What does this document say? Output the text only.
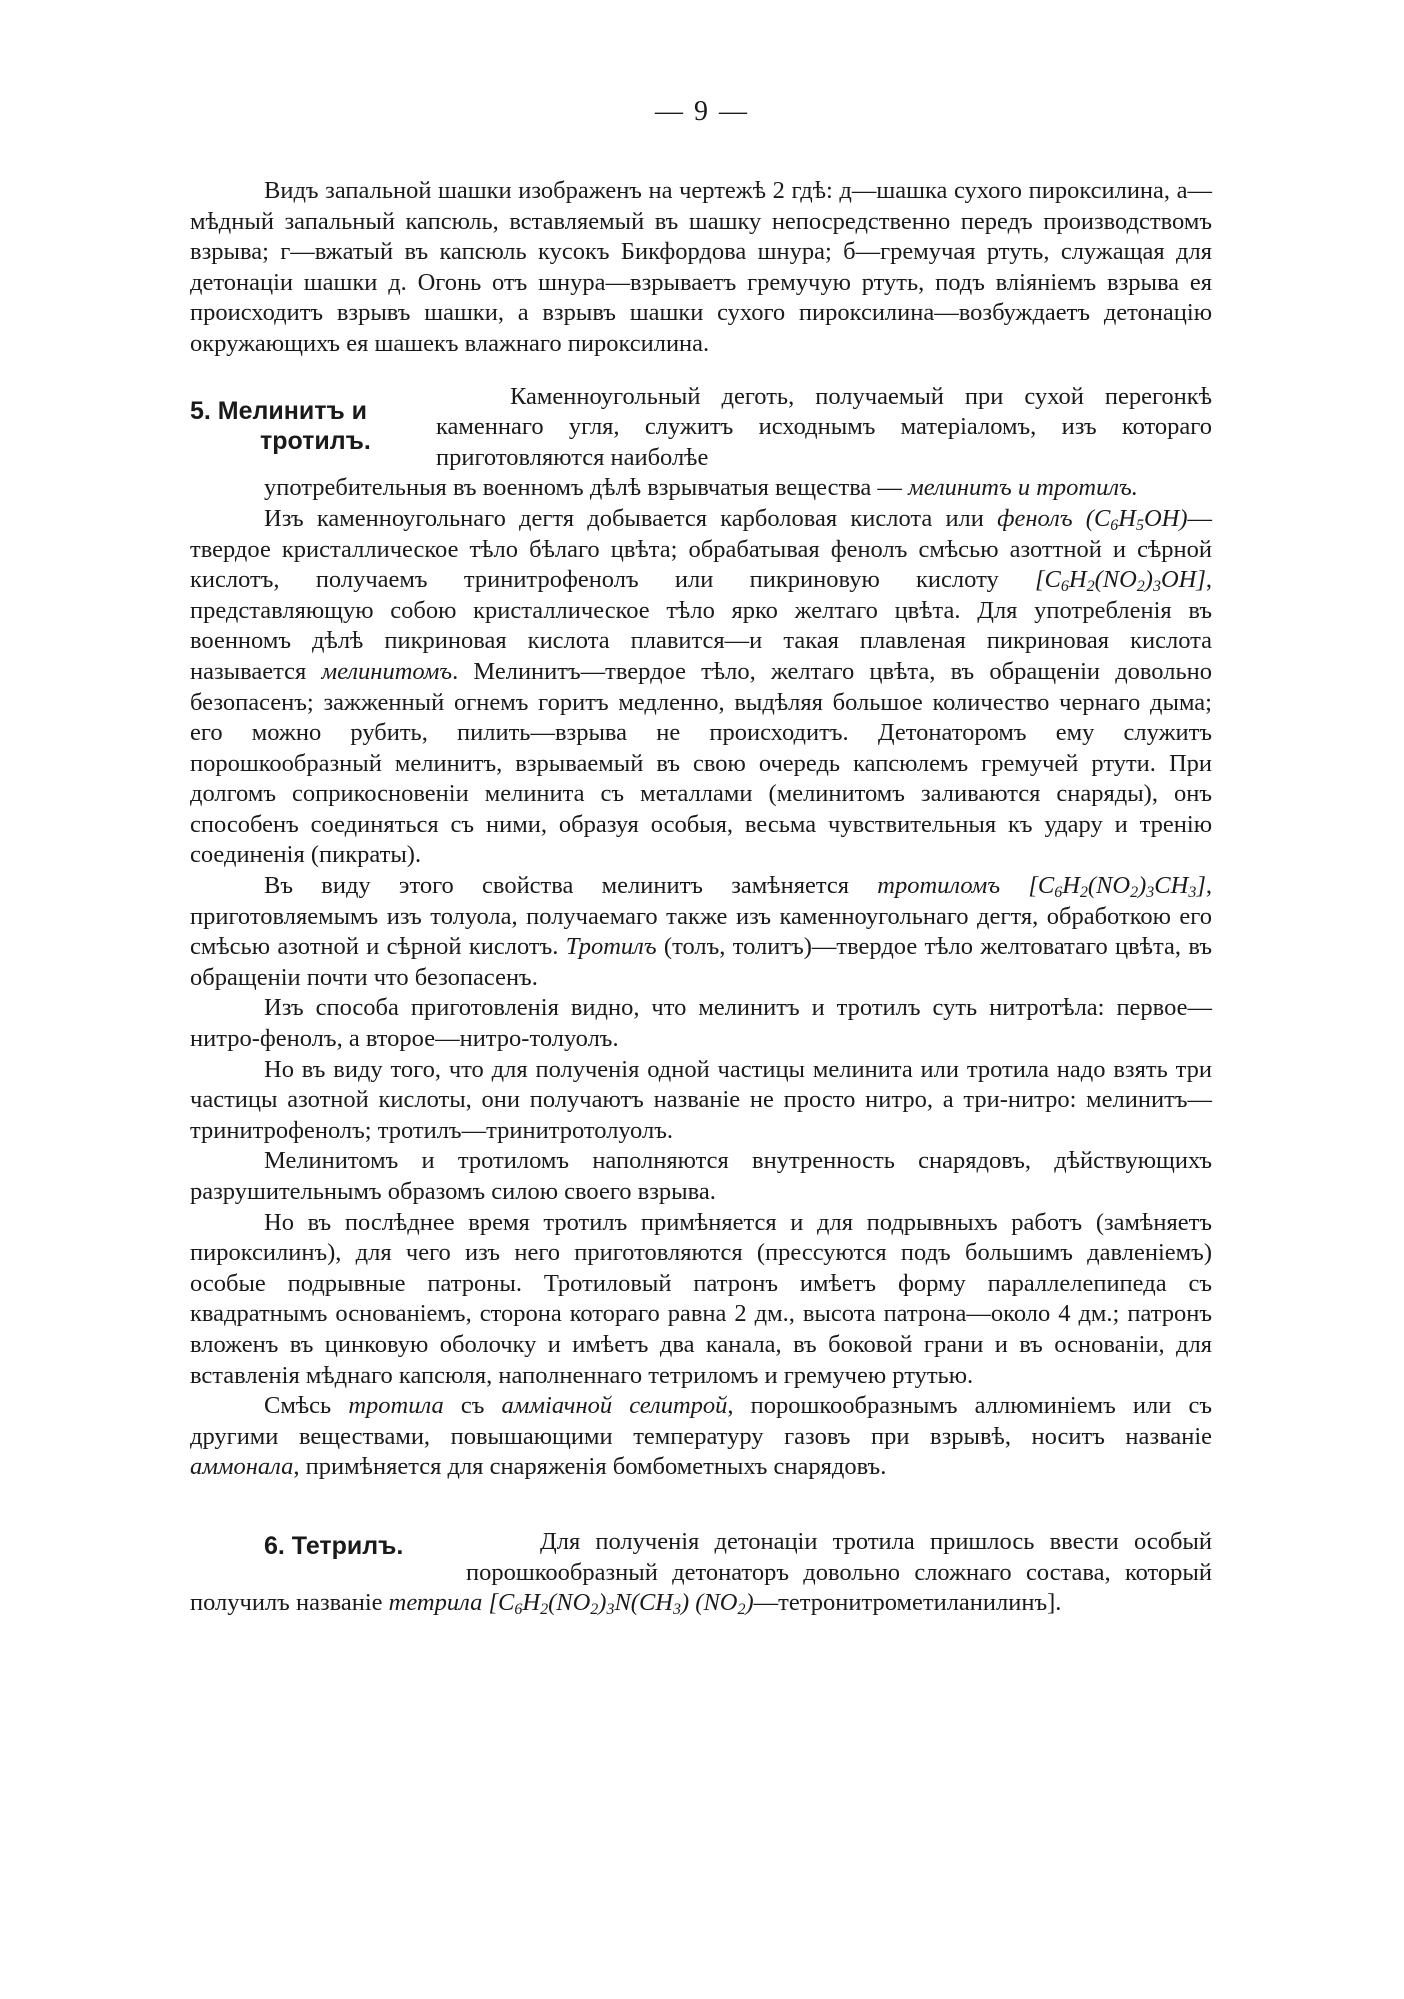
— 9 —

Видъ запальной шашки изображенъ на чертежѣ 2 гдѣ: д—шашка сухого пироксилина, а—мѣдный запальный капсюль, вставляемый въ шашку непосредственно передъ производствомъ взрыва; г—вжатый въ капсюль кусокъ Бикфордова шнура; б—гремучая ртуть, служащая для детонаціи шашки д. Огонь отъ шнура—взрываетъ гремучую ртуть, подъ вліяніемъ взрыва ея происходитъ взрывъ шашки, а взрывъ шашки сухого пироксилина—возбуждаетъ детонацію окружающихъ ея шашекъ влажнаго пироксилина.

5. Мелинитъ и
тротилъ.

Каменноугольный деготь, получаемый при сухой перегонкѣ каменнаго угля, служитъ исходнымъ матеріаломъ, изъ котораго приготовляются наиболѣе

употребительныя въ военномъ дѣлѣ взрывчатыя вещества — мелинитъ и тротилъ.

Изъ каменноугольнаго дегтя добывается карболовая кислота или фенолъ $(C_6H_5OH)—твердое$ кристаллическое тѣло бѣлаго цвѣта; обрабатывая фенолъ смѣсью азоттной и сѣрной кислотъ, получаемъ тринитрофенолъ или пикриновую кислоту $[C_6H_2(NO_2)_3OH]$, представляющую собою кристаллическое тѣло ярко желтаго цвѣта. Для употребленія въ военномъ дѣлѣ пикриновая кислота плавится—и такая плавленая пикриновая кислота называется мелинитомъ. Мелинитъ—твердое тѣло, желтаго цвѣта, въ обращеніи довольно безопасенъ; зажженный огнемъ горитъ медленно, выдѣляя большое количество чернаго дыма; его можно рубить, пилить—взрыва не происходитъ. Детонаторомъ ему служитъ порошкообразный мелинитъ, взрываемый въ свою очередь капсюлемъ гремучей ртути. При долгомъ соприкосновеніи мелинита съ металлами (мелинитомъ заливаются снаряды), онъ способенъ соединяться съ ними, образуя особыя, весьма чувствительныя къ удару и тренію соединенія (пикраты).

Въ виду этого свойства мелинитъ замѣняется тротиломъ $[C_6H_2(NO_2)_3CH_3]$, приготовляемымъ изъ толуола, получаемаго также изъ каменноугольнаго дегтя, обработкою его смѣсью азотной и сѣрной кислотъ. Тротилъ (толъ, толитъ)—твердое тѣло желтоватаго цвѣта, въ обращеніи почти что безопасенъ.

Изъ способа приготовленія видно, что мелинитъ и тротилъ суть нитротѣла: первое—нитро-фенолъ, а второе—нитро-толуолъ.

Но въ виду того, что для полученія одной частицы мелинита или тротила надо взять три частицы азотной кислоты, они получаютъ названіе не просто нитро, а три-нитро: мелинитъ—тринитрофенолъ; тротилъ—тринитротолуолъ.

Мелинитомъ и тротиломъ наполняются внутренность снарядовъ, дѣйствующихъ разрушительнымъ образомъ силою своего взрыва.

Но въ послѣднее время тротилъ примѣняется и для подрывныхъ работъ (замѣняетъ пироксилинъ), для чего изъ него приготовляются (прессуются подъ большимъ давленіемъ) особые подрывные патроны. Тротиловый патронъ имѣетъ форму параллелепипеда съ квадратнымъ основаніемъ, сторона котораго равна 2 дм., высота патрона—около 4 дм.; патронъ вложенъ въ цинковую оболочку и имѣетъ два канала, въ боковой грани и въ основаніи, для вставленія мѣднаго капсюля, наполненнаго тетриломъ и гремучею ртутью.

Смѣсь тротила съ амміачной селитрой, порошкообразнымъ аллюминіемъ или съ другими веществами, повышающими температуру газовъ при взрывѣ, носитъ названіе аммонала, примѣняется для снаряженія бомбометныхъ снарядовъ.

6. Тетрилъ.	Для полученія детонаціи тротила пришлось ввести особый порошкообразный детонаторъ довольно сложнаго состава, который получилъ названіе тетрила [$C_6H_2(NO_2)_3N(CH_3)$ $(NO_2)—тетронитрометиланилинъ$].
